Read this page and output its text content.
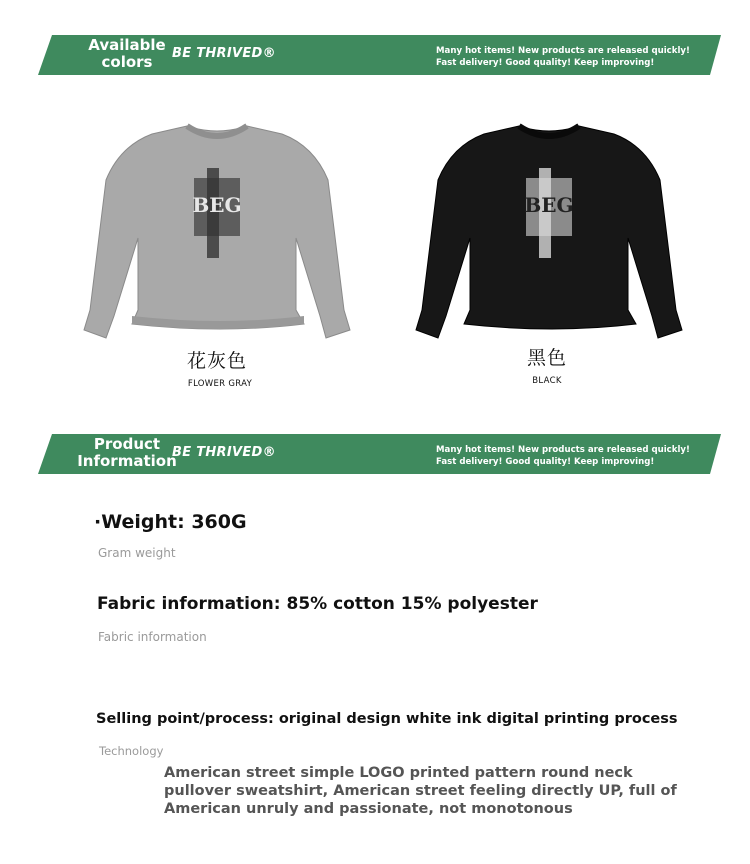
Available colors	BE THRIVED®	Many hot items! New products are released quickly!
Fast delivery! Good quality! Keep improving!
BEG
花灰色
FLOWER GRAY
BEG
黑色
BLACK
Product Information
BE THRIVED®	Many hot items! New products are released quickly!
Fast delivery! Good quality! Keep improving!
·Weight: 360G
Gram weight
Fabric information: 85% cotton 15% polyester
Fabric information
Selling point/process: original design white ink digital printing process
Technology
American street simple LOGO printed pattern round neck pullover sweatshirt, American street feeling directly UP, full of American unruly and passionate, not monotonous
